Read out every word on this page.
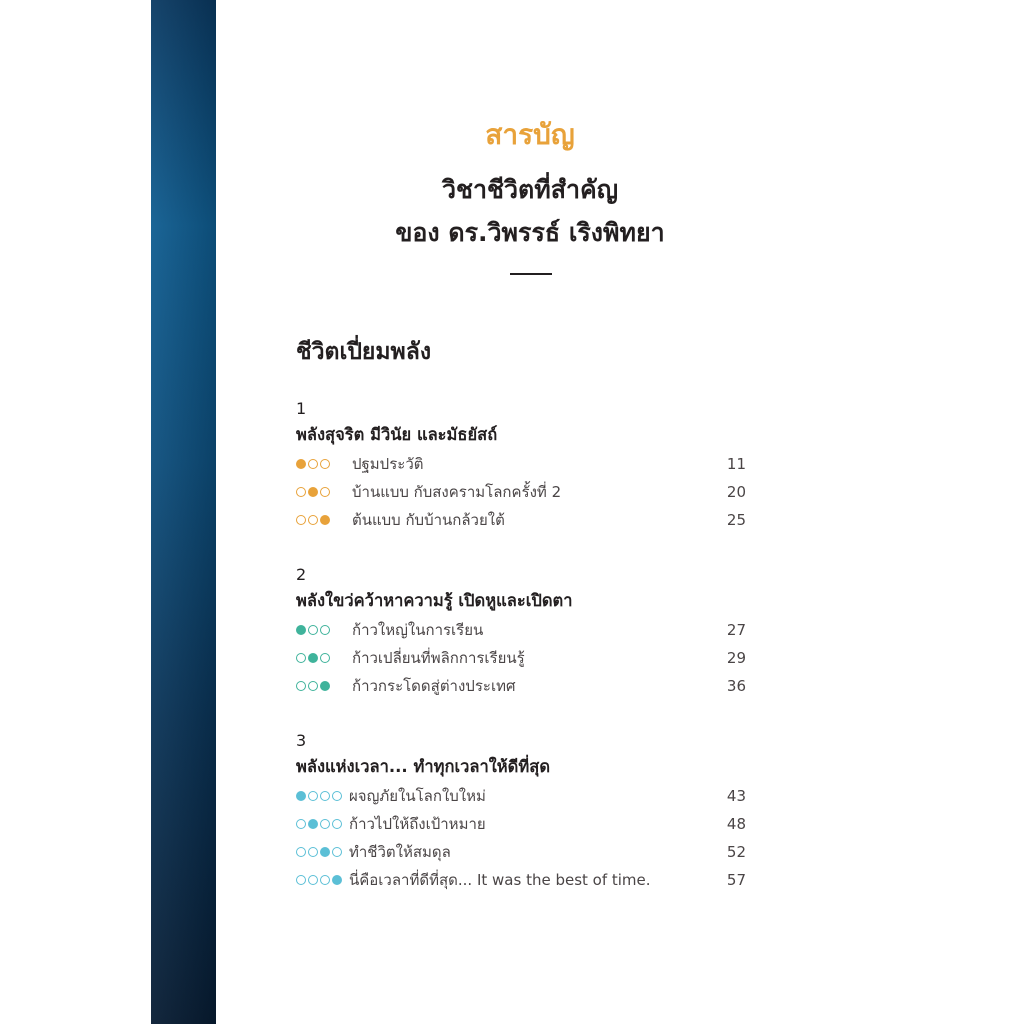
สารบัญ
วิชาชีวิตที่สำคัญ
ของ ดร.วิพรรธ์ เริงพิทยา
ชีวิตเปี่ยมพลัง
1
พลังสุจริต มีวินัย และมัธยัสถ์
ปฐมประวัติ	11
บ้านแบบ กับสงครามโลกครั้งที่ 2	20
ต้นแบบ กับบ้านกล้วยใต้	25
2
พลังใขว่คว้าหาความรู้ เปิดหูและเปิดตา
ก้าวใหญ่ในการเรียน	27
ก้าวเปลี่ยนที่พลิกการเรียนรู้	29
ก้าวกระโดดสู่ต่างประเทศ	36
3
พลังแห่งเวลา... ทำทุกเวลาให้ดีที่สุด
ผจญภัยในโลกใบใหม่	43
ก้าวไปให้ถึงเป้าหมาย	48
ทำชีวิตให้สมดุล	52
นี่คือเวลาที่ดีที่สุด... It was the best of time.	57
